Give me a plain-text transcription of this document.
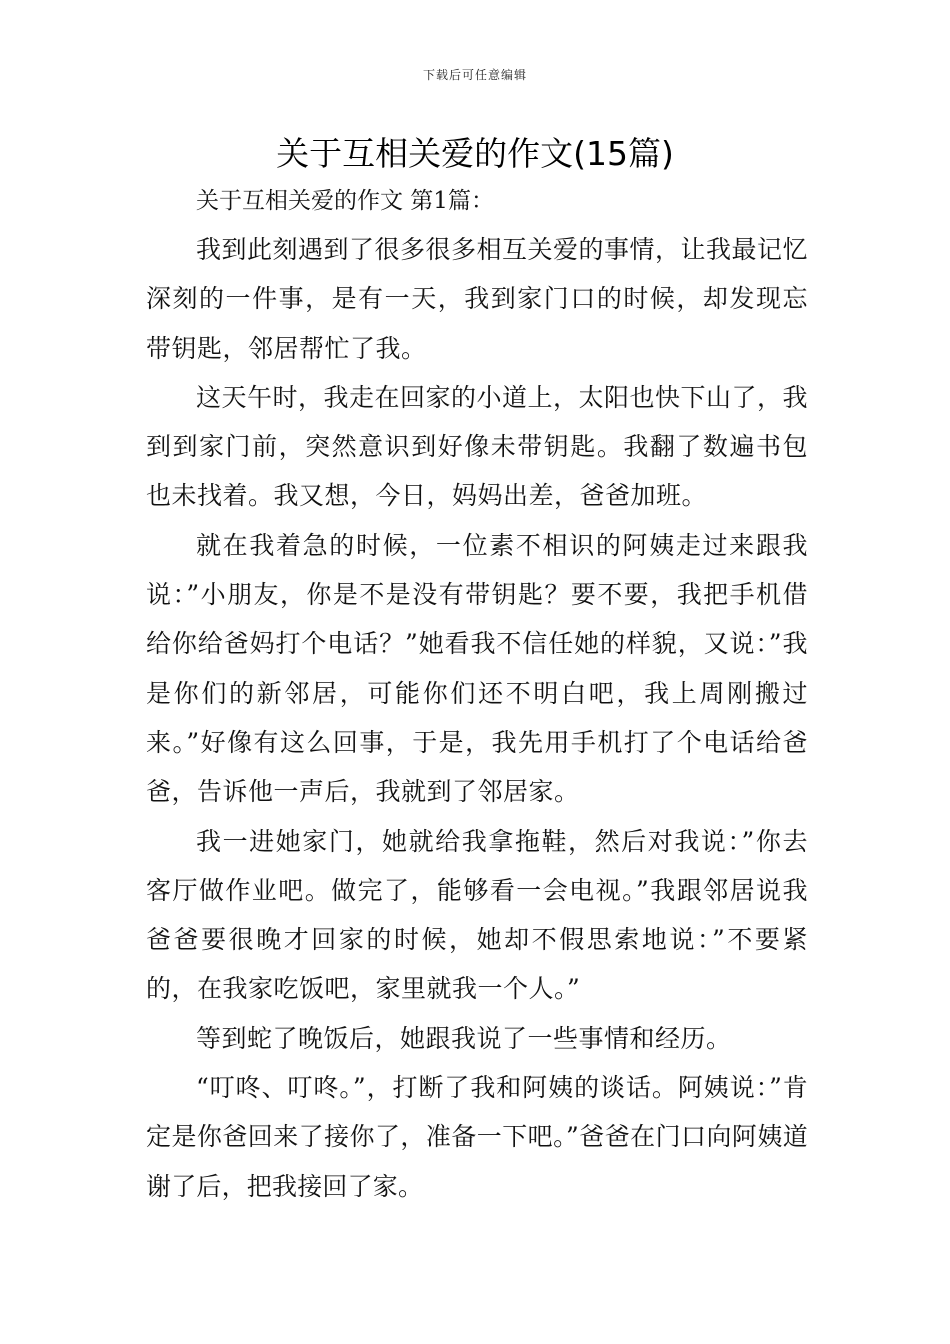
下载后可任意编辑
关于互相关爱的作文(15篇)
关于互相关爱的作文 第1篇：

我到此刻遇到了很多很多相互关爱的事情，让我最记忆深刻的一件事，是有一天，我到家门口的时候，却发现忘带钥匙，邻居帮忙了我。

这天午时，我走在回家的小道上，太阳也快下山了，我到到家门前，突然意识到好像未带钥匙。我翻了数遍书包也未找着。我又想，今日，妈妈出差，爸爸加班。

就在我着急的时候，一位素不相识的阿姨走过来跟我说：”小朋友，你是不是没有带钥匙？要不要，我把手机借给你给爸妈打个电话？”她看我不信任她的样貌，又说：”我是你们的新邻居，可能你们还不明白吧，我上周刚搬过来。”好像有这么回事，于是，我先用手机打了个电话给爸爸，告诉他一声后，我就到了邻居家。

我一进她家门，她就给我拿拖鞋，然后对我说：”你去客厅做作业吧。做完了，能够看一会电视。”我跟邻居说我爸爸要很晚才回家的时候，她却不假思索地说：”不要紧的，在我家吃饭吧，家里就我一个人。”

等到蛇了晚饭后，她跟我说了一些事情和经历。

“叮咚、叮咚。”，打断了我和阿姨的谈话。阿姨说：”肯定是你爸回来了接你了，准备一下吧。”爸爸在门口向阿姨道谢了后，把我接回了家。
